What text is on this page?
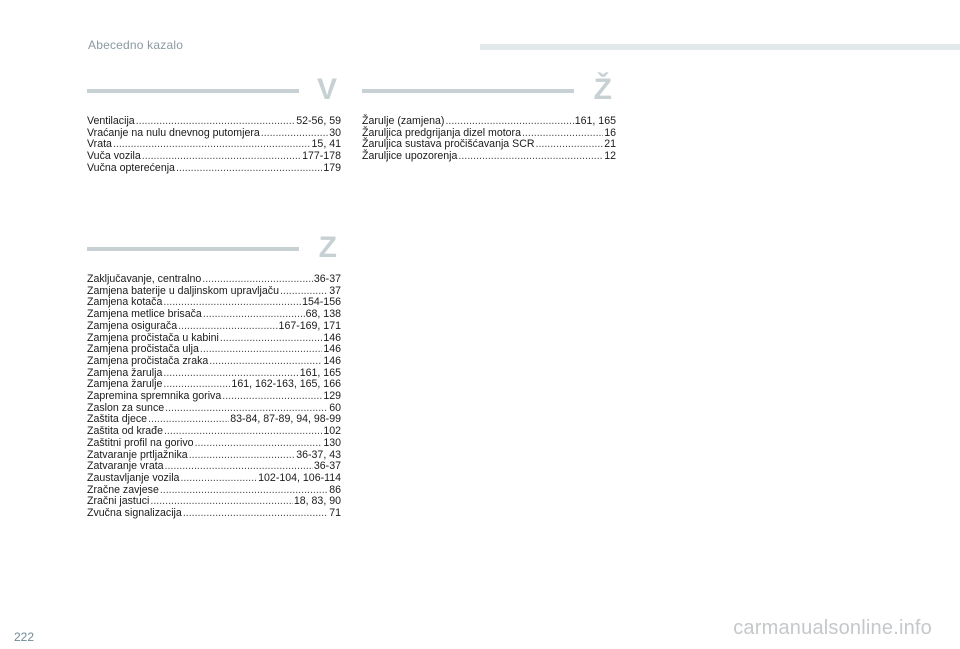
Abecedno kazalo
V
Ventilacija .....	52-56, 59
Vraćanje na nulu dnevnog putomjera .....	30
Vrata .....	15, 41
Vuča vozila .....	177-178
Vučna opterećenja .....	179
Ž
Žarulje (zamjena) .....	161, 165
Žaruljica predgrijanja dizel motora .....	16
Žaruljica sustava pročišćavanja SCR .....	21
Žaruljice upozorenja .....	12
Z
Zaključavanje, centralno .....	36-37
Zamjena baterije u daljinskom upravljaču .....	37
Zamjena kotača .....	154-156
Zamjena metlice brisača .....	68, 138
Zamjena osigurača .....	167-169, 171
Zamjena pročistača u kabini .....	146
Zamjena pročistača ulja .....	146
Zamjena pročistača zraka .....	146
Zamjena žarulja .....	161, 165
Zamjena žarulje .....	161, 162-163, 165, 166
Zapremina spremnika goriva .....	129
Zaslon za sunce .....	60
Zaštita djece .....	83-84, 87-89, 94, 98-99
Zaštita od krađe .....	102
Zaštitni profil na gorivo .....	130
Zatvaranje prtljažnika .....	36-37, 43
Zatvaranje vrata .....	36-37
Zaustavljanje vozila .....	102-104, 106-114
Zračne zavjese .....	86
Zračni jastuci .....	18, 83, 90
Zvučna signalizacija .....	71
222	carmanualsonline.info
